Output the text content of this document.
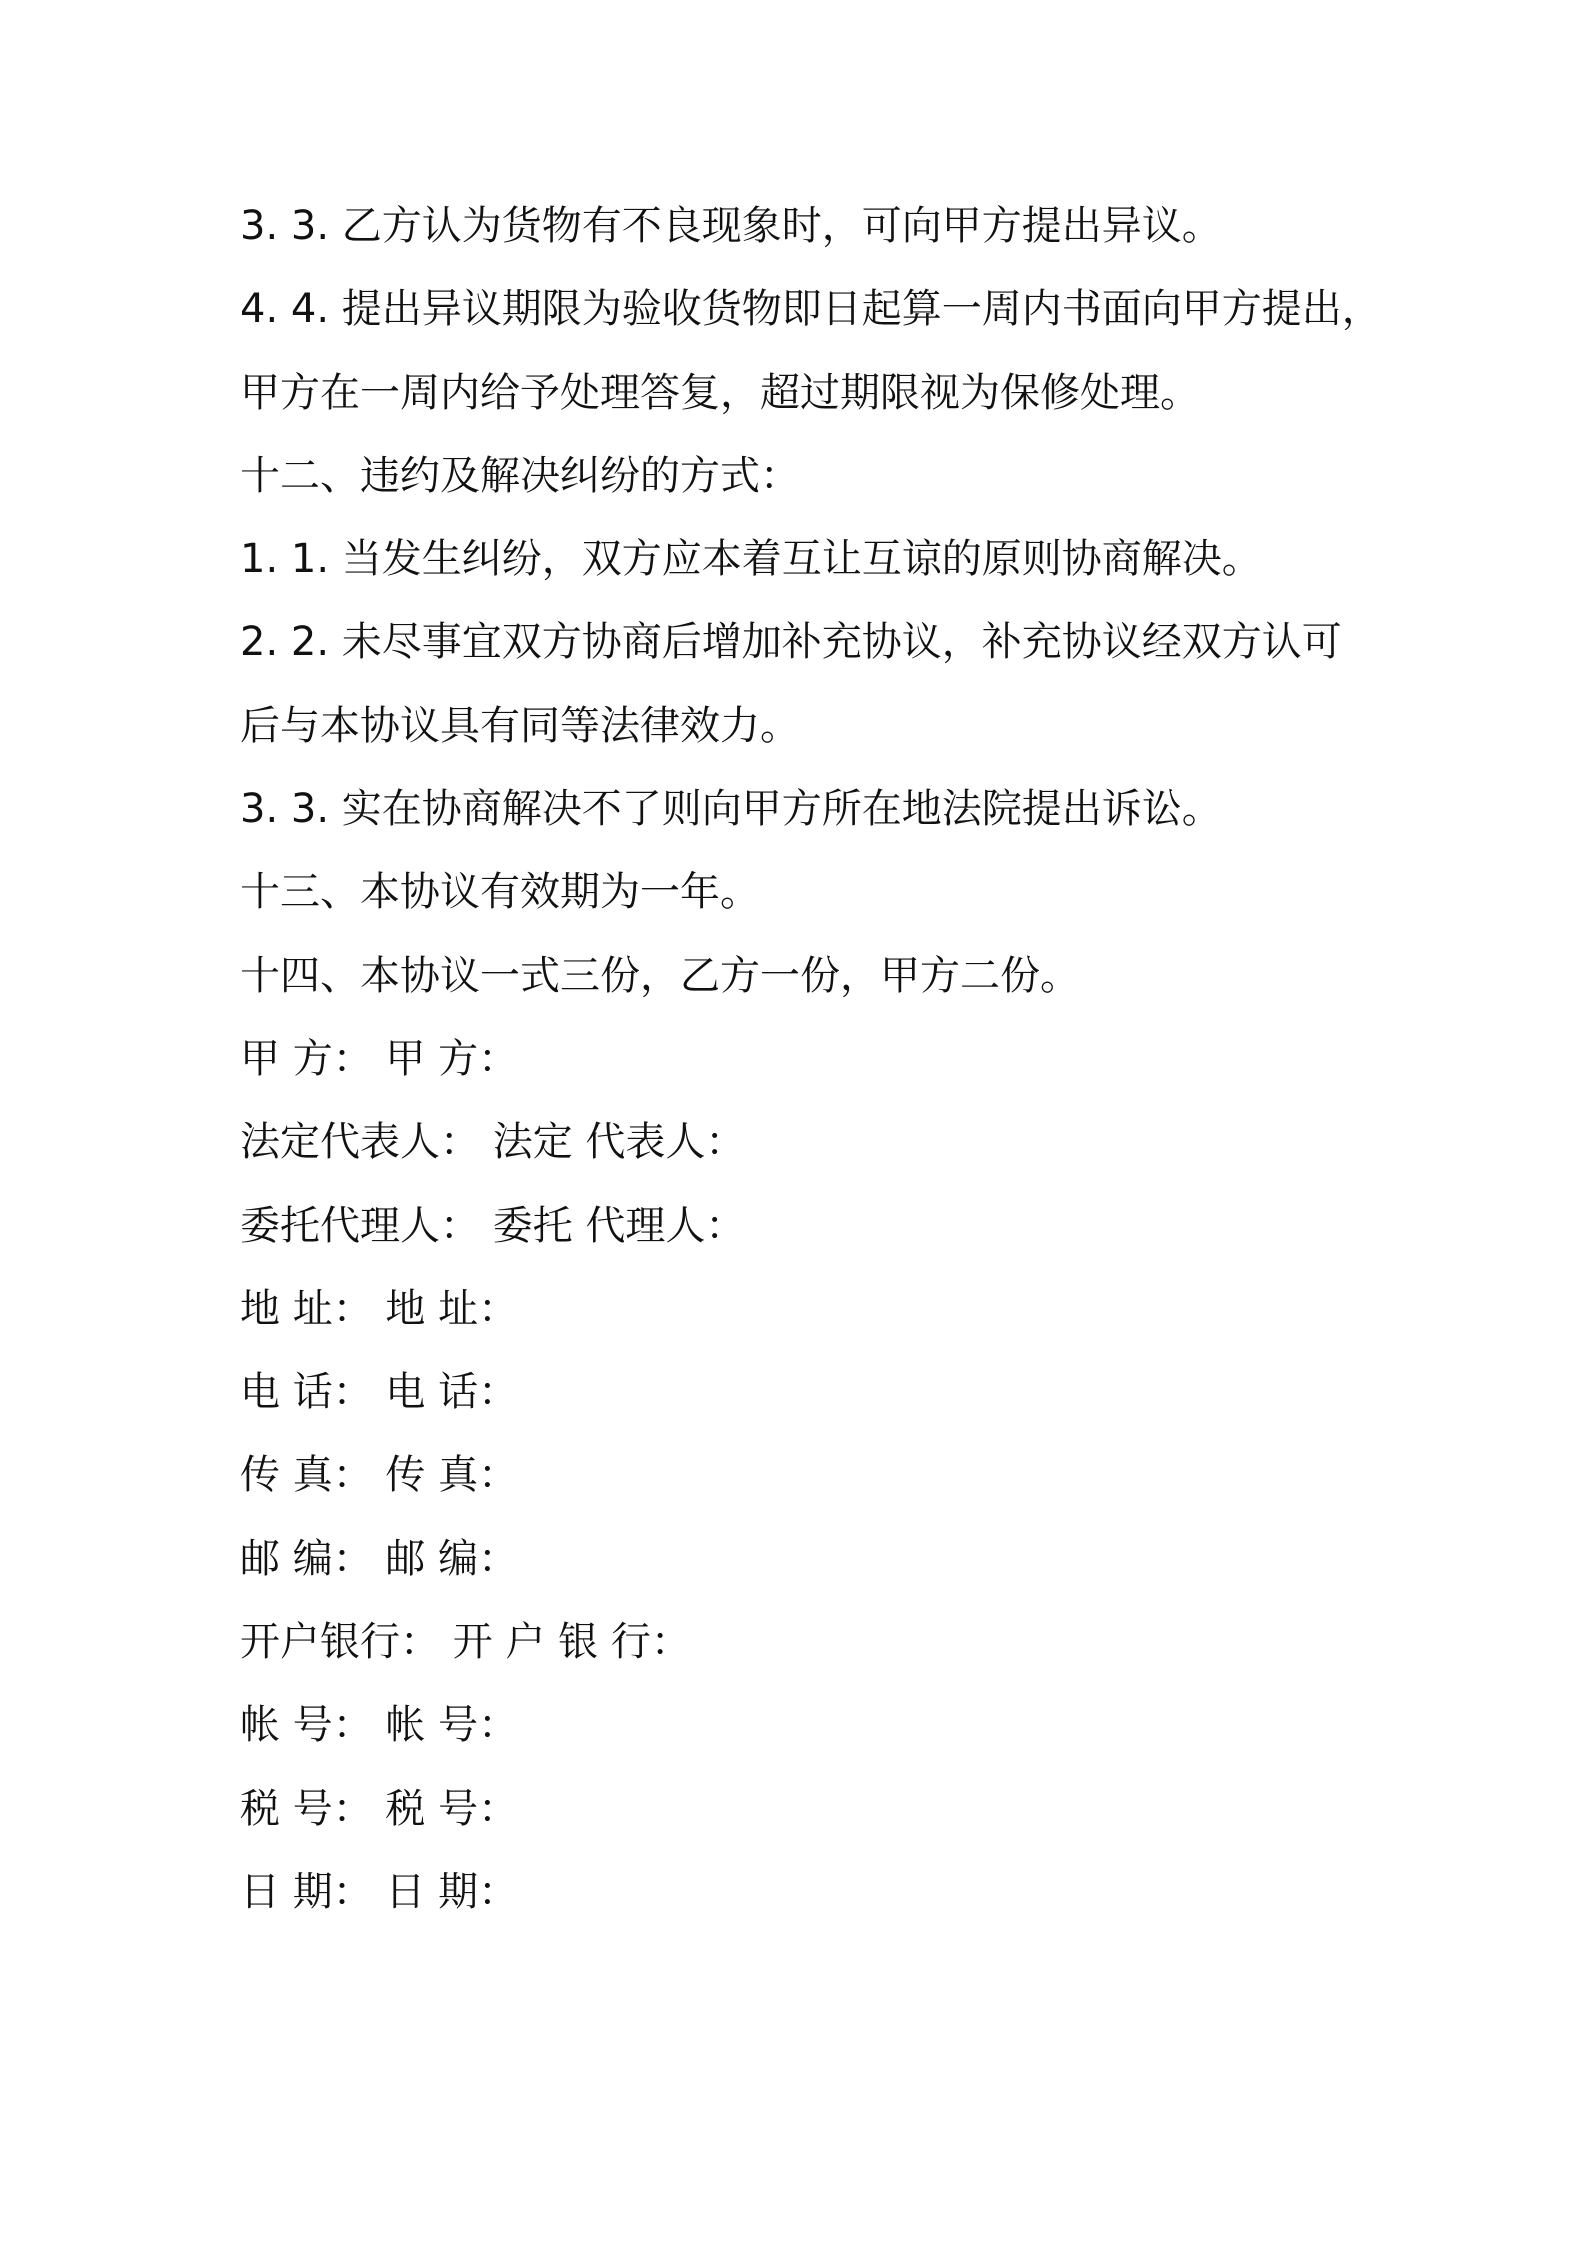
3. 3. 乙方认为货物有不良现象时，可向甲方提出异议。
4. 4. 提出异议期限为验收货物即日起算一周内书面向甲方提出，
甲方在一周内给予处理答复，超过期限视为保修处理。
十二、违约及解决纠纷的方式：
1. 1. 当发生纠纷，双方应本着互让互谅的原则协商解决。
2. 2. 未尽事宜双方协商后增加补充协议，补充协议经双方认可
后与本协议具有同等法律效力。
3. 3. 实在协商解决不了则向甲方所在地法院提出诉讼。
十三、本协议有效期为一年。
十四、本协议一式三份，乙方一份，甲方二份。
甲 方： 甲 方：
法定代表人： 法定 代表人：
委托代理人： 委托 代理人：
地 址： 地 址：
电 话： 电 话：
传 真： 传 真：
邮 编： 邮 编：
开户银行： 开 户 银 行：
帐 号： 帐 号：
税 号： 税 号：
日 期： 日 期：
